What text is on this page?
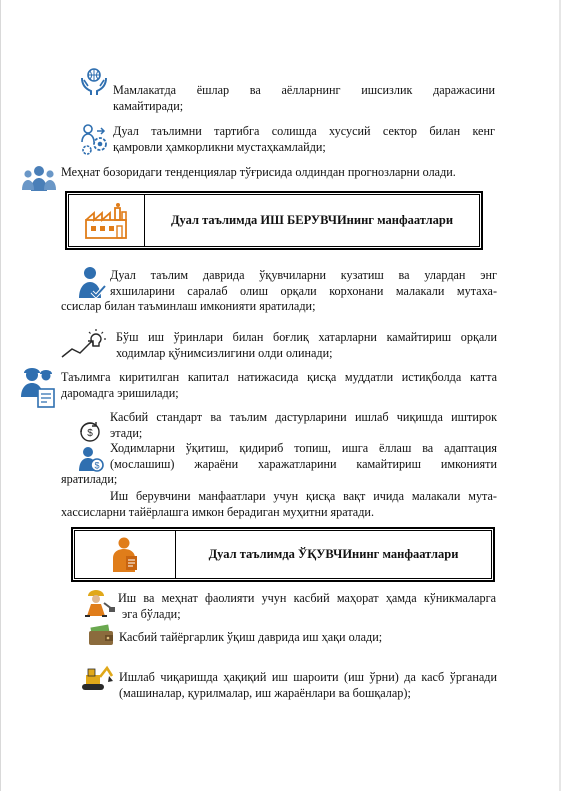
Мамлакатда ёшлар ва аёлларнинг ишсизлик даражасини
камайтиради;
Дуал таълимни тартибга солишда хусусий сектор билан кенг
қамровли ҳамкорликни мустаҳкамлайди;
Меҳнат бозоридаги тенденциялар тўғрисида олдиндан прогнозларни олади.
Дуал таълимда ИШ БЕРУВЧИнинг манфаатлари
Дуал таълим даврида ўқувчиларни кузатиш ва улардан энг
яхшиларини саралаб олиш орқали корхонани малакали мутаха-
ссислар билан таъминлаш имконияти яратилади;
Бўш иш ўринлари билан боғлиқ хатарларни камайтириш орқали
ходимлар қўнимсизлигини олди олинади;
Таълимга киритилган капитал натижасида қисқа муддатли истиқболда катта
даромадга эришилади;
$
Касбий стандарт ва таълим дастурларини ишлаб чиқишда иштирок
этади;
$
Ходимларни ўқитиш, қидириб топиш, ишга ёллаш ва адаптация
(мослашиш) жараёни харажатларини камайтириш имконияти
яратилади;
Иш берувчини манфаатлари учун қисқа вақт ичида малакали мута-
хассисларни тайёрлашга имкон берадиган муҳитни яратади.
Дуал таълимда ЎҚУВЧИнинг манфаатлари
Иш ва меҳнат фаолияти учун касбий маҳорат ҳамда кўникмаларга
эга бўлади;
Касбий тайёргарлик ўқиш даврида иш ҳақи олади;
Ишлаб чиқаришда ҳақиқий иш шароити (иш ўрни) да касб ўрганади
(машиналар, қурилмалар, иш жараёнлари ва бошқалар);
